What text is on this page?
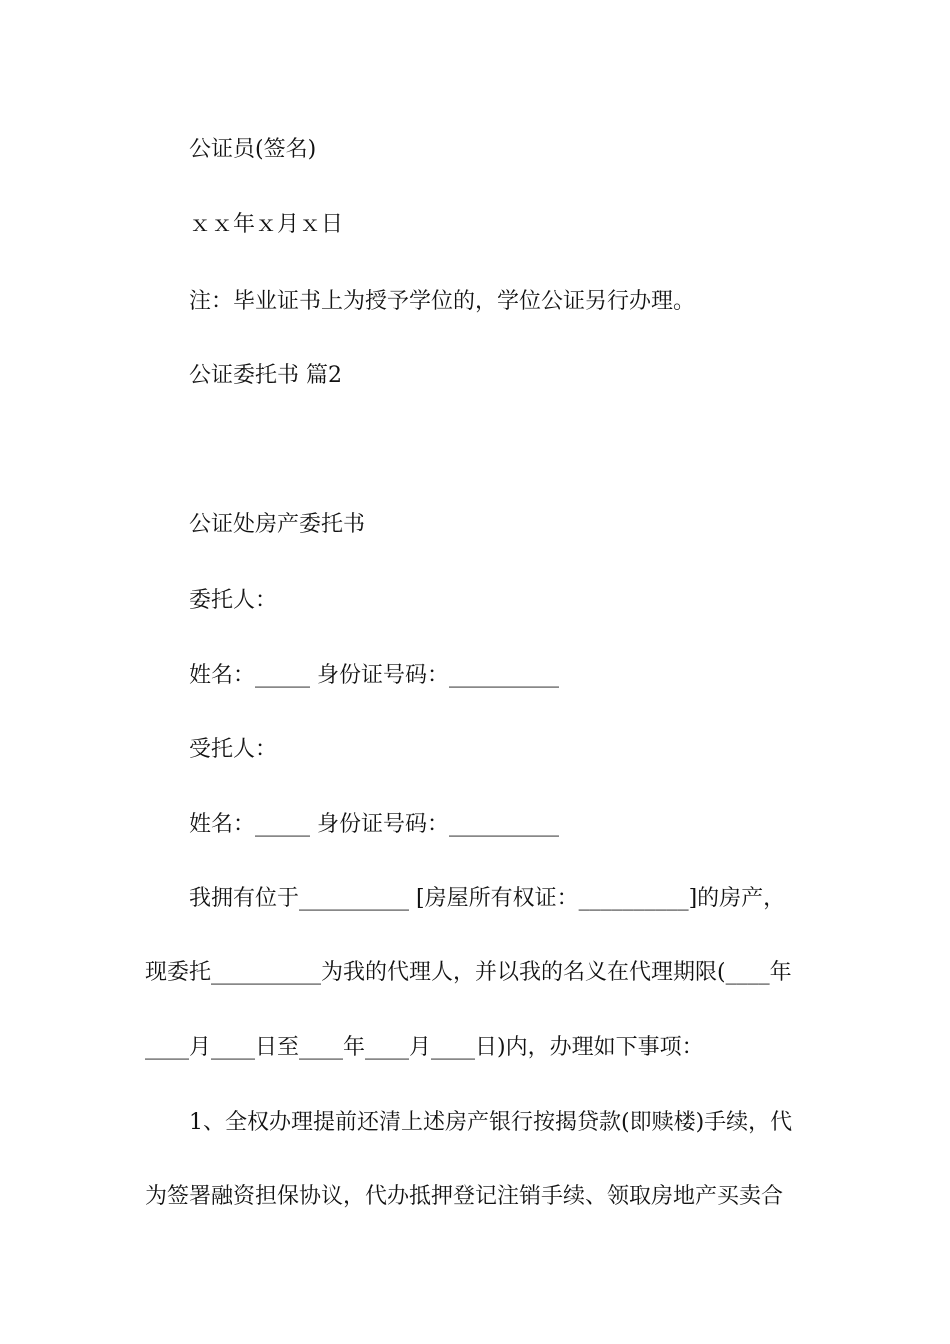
公证员(签名)
ｘｘ年ｘ月ｘ日
注：毕业证书上为授予学位的，学位公证另行办理。
公证委托书 篇2
公证处房产委托书
委托人：
姓名：_____ 身份证号码：__________
受托人：
姓名：_____ 身份证号码：__________
我拥有位于__________ [房屋所有权证：__________]的房产，
现委托__________为我的代理人，并以我的名义在代理期限(____年
____月____日至____年____月____日)内，办理如下事项：
1、全权办理提前还清上述房产银行按揭贷款(即赎楼)手续，代
为签署融资担保协议，代办抵押登记注销手续、领取房地产买卖合
